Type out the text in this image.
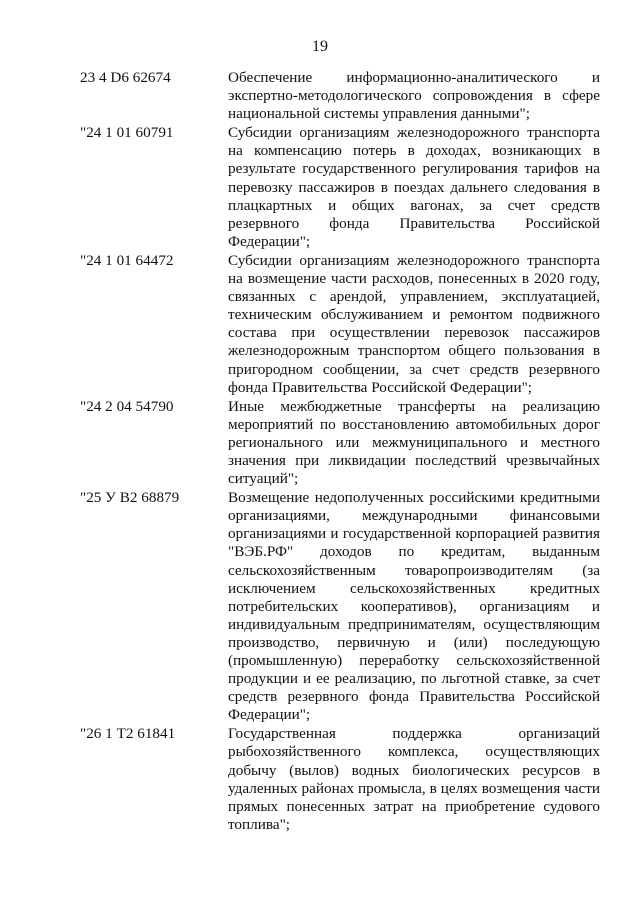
19
23 4 D6 62674	Обеспечение информационно-аналитического и экспертно-методологического сопровождения в сфере национальной системы управления данными";
"24 1 01 60791	Субсидии организациям железнодорожного транспорта на компенсацию потерь в доходах, возникающих в результате государственного регулирования тарифов на перевозку пассажиров в поездах дальнего следования в плацкартных и общих вагонах, за счет средств резервного фонда Правительства Российской Федерации";
"24 1 01 64472	Субсидии организациям железнодорожного транспорта на возмещение части расходов, понесенных в 2020 году, связанных с арендой, управлением, эксплуатацией, техническим обслуживанием и ремонтом подвижного состава при осуществлении перевозок пассажиров железнодорожным транспортом общего пользования в пригородном сообщении, за счет средств резервного фонда Правительства Российской Федерации";
"24 2 04 54790	Иные межбюджетные трансферты на реализацию мероприятий по восстановлению автомобильных дорог регионального или межмуниципального и местного значения при ликвидации последствий чрезвычайных ситуаций";
"25 У В2 68879	Возмещение недополученных российскими кредитными организациями, международными финансовыми организациями и государственной корпорацией развития "ВЭБ.РФ" доходов по кредитам, выданным сельскохозяйственным товаропроизводителям (за исключением сельскохозяйственных кредитных потребительских кооперативов), организациям и индивидуальным предпринимателям, осуществляющим производство, первичную и (или) последующую (промышленную) переработку сельскохозяйственной продукции и ее реализацию, по льготной ставке, за счет средств резервного фонда Правительства Российской Федерации";
"26 1 Т2 61841	Государственная поддержка организаций рыбохозяйственного комплекса, осуществляющих добычу (вылов) водных биологических ресурсов в удаленных районах промысла, в целях возмещения части прямых понесенных затрат на приобретение судового топлива";
